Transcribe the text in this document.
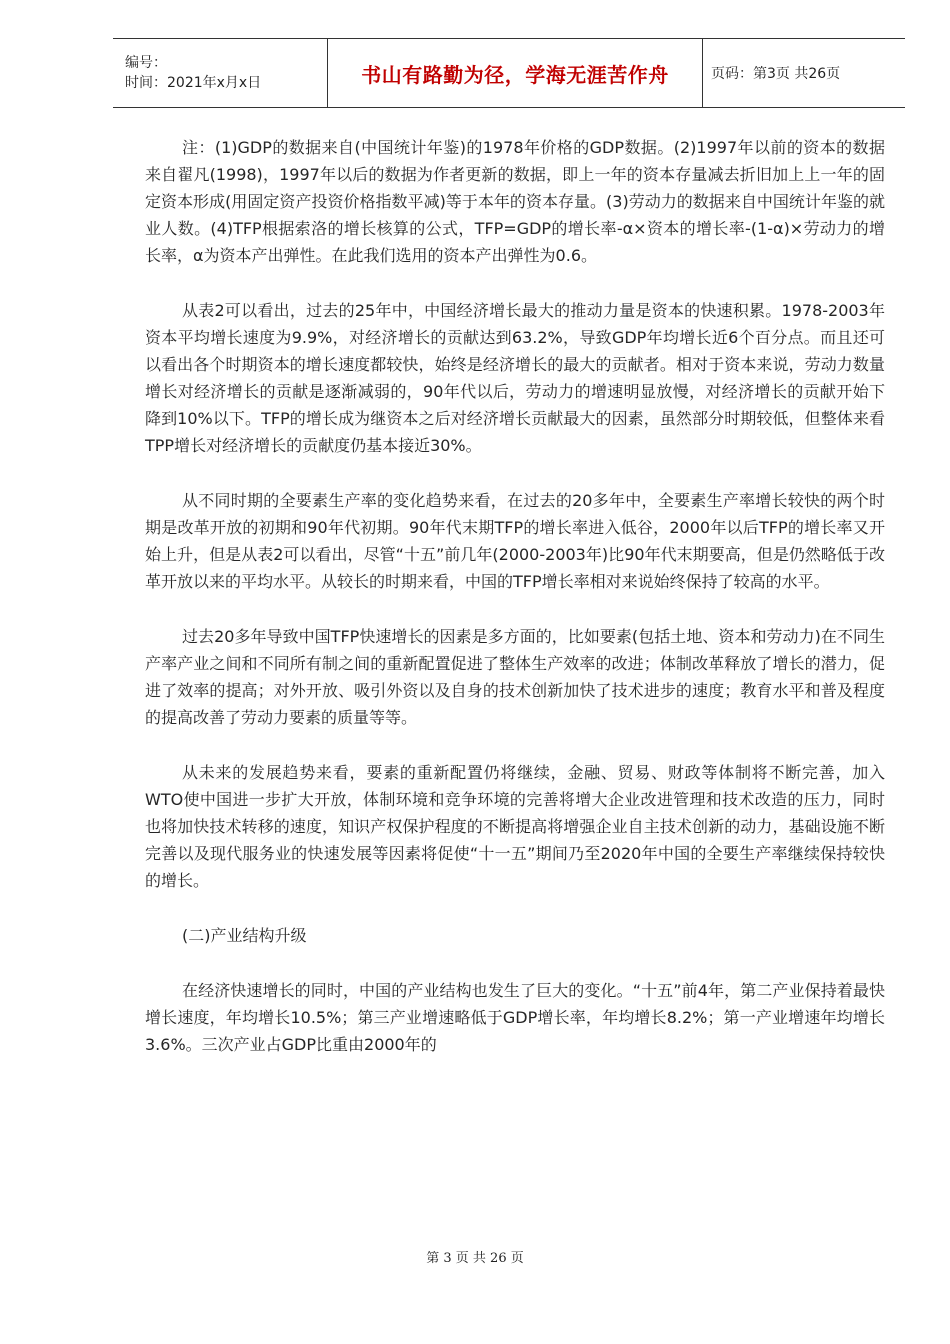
编号：
时间：2021年x月x日	书山有路勤为径，学海无涯苦作舟	页码：第3页 共26页

注：(1)GDP的数据来自(中国统计年鉴)的1978年价格的GDP数据。(2)1997年以前的资本的数据来自翟凡(1998)，1997年以后的数据为作者更新的数据，即上一年的资本存量减去折旧加上上一年的固定资本形成(用固定资产投资价格指数平减)等于本年的资本存量。(3)劳动力的数据来自中国统计年鉴的就业人数。(4)TFP根据索洛的增长核算的公式，TFP=GDP的增长率-α×资本的增长率-(1-α)×劳动力的增长率，α为资本产出弹性。在此我们选用的资本产出弹性为0.6。

从表2可以看出，过去的25年中，中国经济增长最大的推动力量是资本的快速积累。1978-2003年资本平均增长速度为9.9%，对经济增长的贡献达到63.2%，导致GDP年均增长近6个百分点。而且还可以看出各个时期资本的增长速度都较快，始终是经济增长的最大的贡献者。相对于资本来说，劳动力数量增长对经济增长的贡献是逐渐减弱的，90年代以后，劳动力的增速明显放慢，对经济增长的贡献开始下降到10%以下。TFP的增长成为继资本之后对经济增长贡献最大的因素，虽然部分时期较低，但整体来看TPP增长对经济增长的贡献度仍基本接近30%。

从不同时期的全要素生产率的变化趋势来看，在过去的20多年中，全要素生产率增长较快的两个时期是改革开放的初期和90年代初期。90年代末期TFP的增长率进入低谷，2000年以后TFP的增长率又开始上升，但是从表2可以看出，尽管“十五”前几年(2000-2003年)比90年代末期要高，但是仍然略低于改革开放以来的平均水平。从较长的时期来看，中国的TFP增长率相对来说始终保持了较高的水平。

过去20多年导致中国TFP快速增长的因素是多方面的，比如要素(包括土地、资本和劳动力)在不同生产率产业之间和不同所有制之间的重新配置促进了整体生产效率的改进；体制改革释放了增长的潜力，促进了效率的提高；对外开放、吸引外资以及自身的技术创新加快了技术进步的速度；教育水平和普及程度的提高改善了劳动力要素的质量等等。

从未来的发展趋势来看，要素的重新配置仍将继续，金融、贸易、财政等体制将不断完善，加入WTO使中国进一步扩大开放，体制环境和竞争环境的完善将增大企业改进管理和技术改造的压力，同时也将加快技术转移的速度，知识产权保护程度的不断提高将增强企业自主技术创新的动力，基础设施不断完善以及现代服务业的快速发展等因素将促使“十一五”期间乃至2020年中国的全要生产率继续保持较快的增长。

(二)产业结构升级

在经济快速增长的同时，中国的产业结构也发生了巨大的变化。“十五”前4年，第二产业保持着最快增长速度，年均增长10.5%；第三产业增速略低于GDP增长率，年均增长8.2%；第一产业增速年均增长3.6%。三次产业占GDP比重由2000年的

第 3 页 共 26 页
